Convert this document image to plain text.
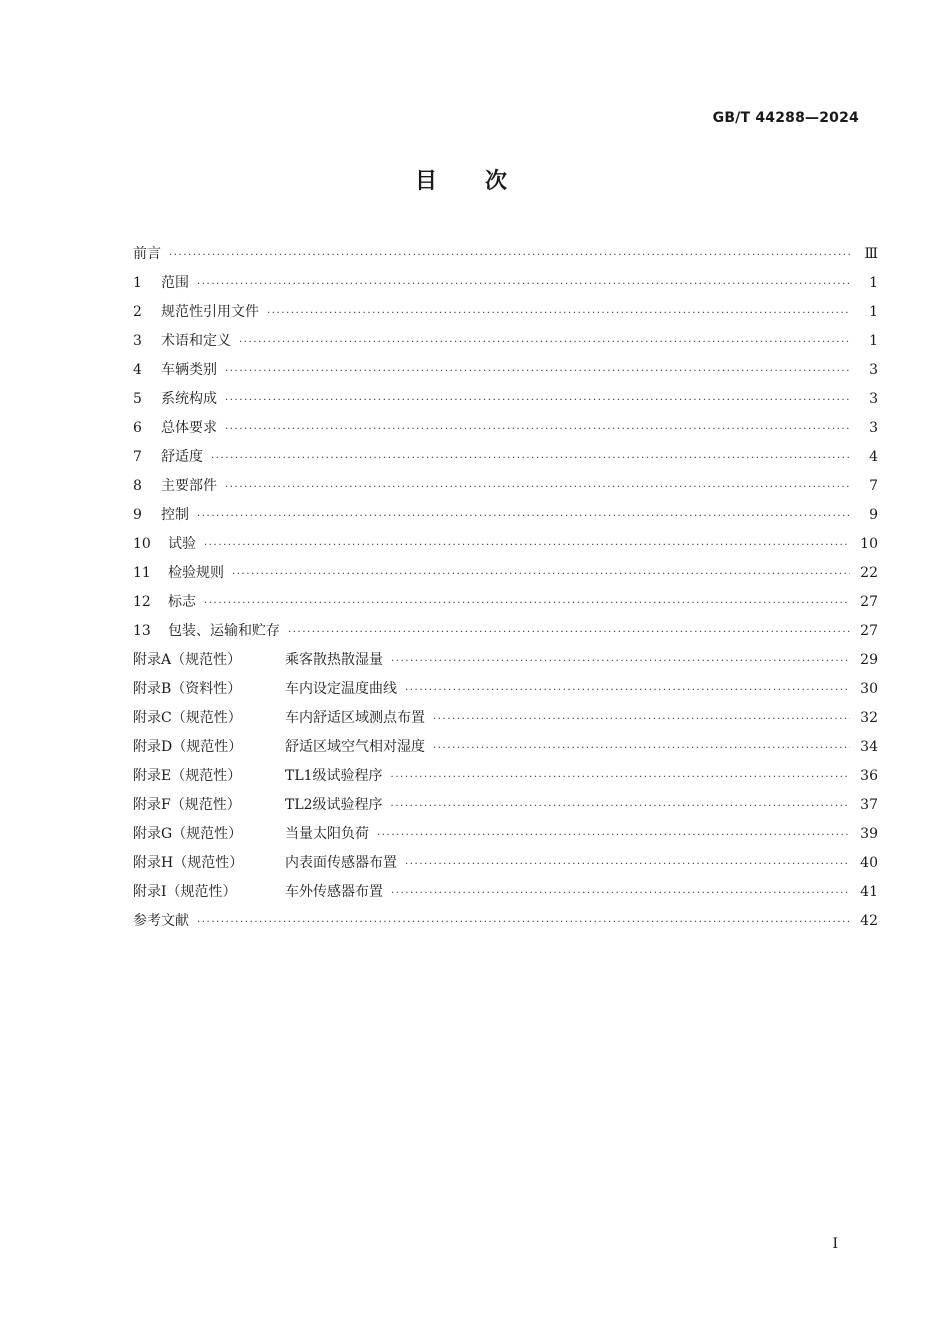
GB/T 44288—2024
目次
前言 ·····	Ⅲ
1 范围 ·····	1
2 规范性引用文件 ·····	1
3 术语和定义 ·····	1
4 车辆类别 ·····	3
5 系统构成 ·····	3
6 总体要求 ·····	3
7 舒适度 ·····	4
8 主要部件 ·····	7
9 控制 ·····	9
10 试验 ·····	10
11 检验规则 ·····	22
12 标志 ·····	27
13 包装、运输和贮存 ·····	27
附录A（规范性）	乘客散热散湿量 ·····	29
附录B（资料性）	车内设定温度曲线 ·····	30
附录C（规范性）	车内舒适区域测点布置 ·····	32
附录D（规范性）	舒适区域空气相对湿度 ·····	34
附录E（规范性）	TL1级试验程序 ·····	36
附录F（规范性）	TL2级试验程序 ·····	37
附录G（规范性）	当量太阳负荷 ·····	39
附录H（规范性）	内表面传感器布置 ·····	40
附录I（规范性）	车外传感器布置 ·····	41
参考文献 ·····	42
Ⅰ
